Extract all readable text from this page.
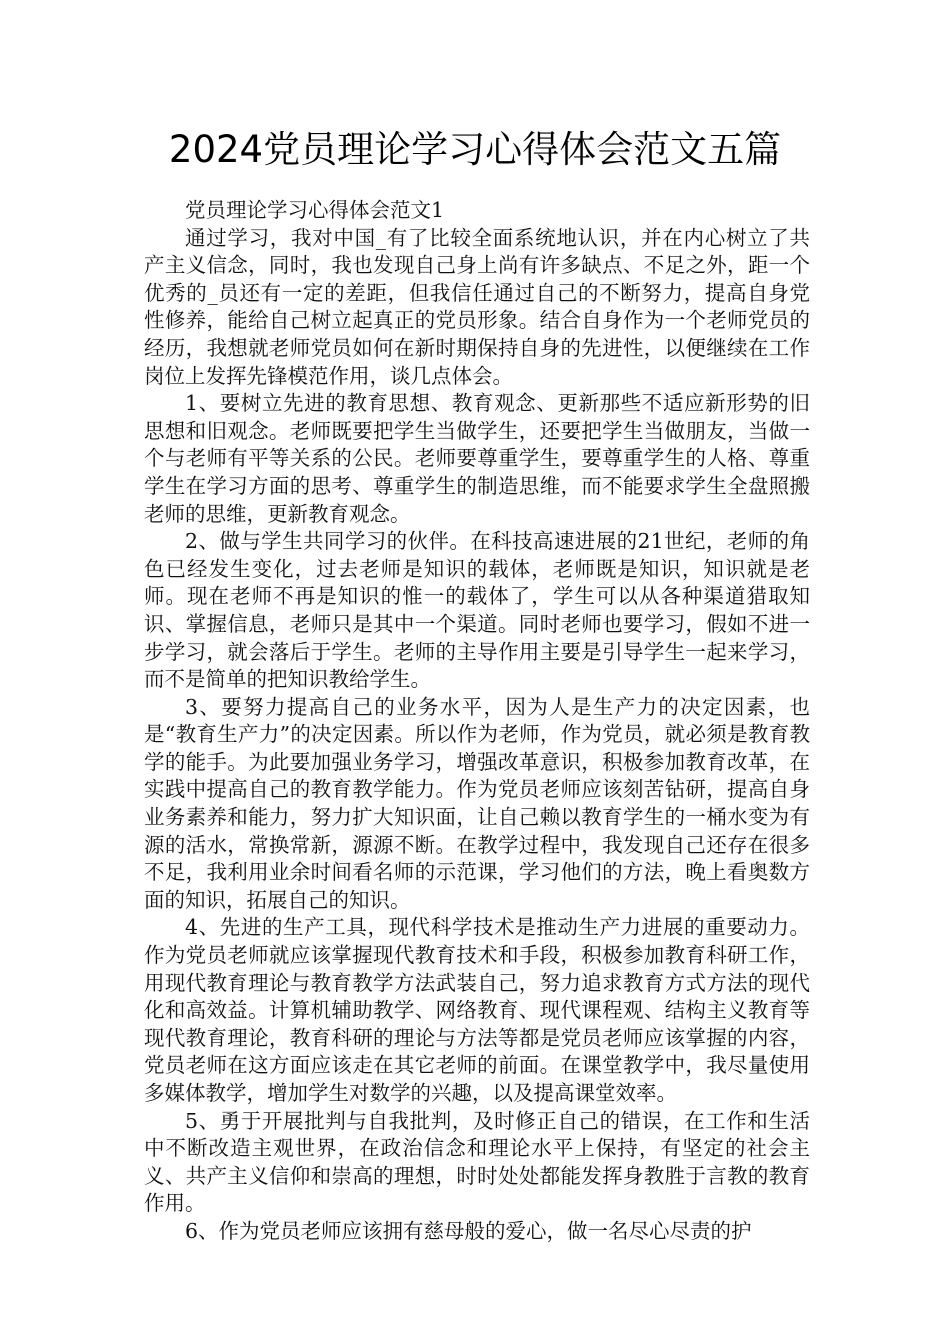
2024党员理论学习心得体会范文五篇

党员理论学习心得体会范文1

通过学习，我对中国_有了比较全面系统地认识，并在内心树立了共产主义信念，同时，我也发现自己身上尚有许多缺点、不足之外，距一个优秀的_员还有一定的差距，但我信任通过自己的不断努力，提高自身党性修养，能给自己树立起真正的党员形象。结合自身作为一个老师党员的经历，我想就老师党员如何在新时期保持自身的先进性，以便继续在工作岗位上发挥先锋模范作用，谈几点体会。

1、要树立先进的教育思想、教育观念、更新那些不适应新形势的旧思想和旧观念。老师既要把学生当做学生，还要把学生当做朋友，当做一个与老师有平等关系的公民。老师要尊重学生，要尊重学生的人格、尊重学生在学习方面的思考、尊重学生的制造思维，而不能要求学生全盘照搬老师的思维，更新教育观念。

2、做与学生共同学习的伙伴。在科技高速进展的21世纪，老师的角色已经发生变化，过去老师是知识的载体，老师既是知识，知识就是老师。现在老师不再是知识的惟一的载体了，学生可以从各种渠道猎取知识、掌握信息，老师只是其中一个渠道。同时老师也要学习，假如不进一步学习，就会落后于学生。老师的主导作用主要是引导学生一起来学习，而不是简单的把知识教给学生。

3、要努力提高自己的业务水平，因为人是生产力的决定因素，也是“教育生产力”的决定因素。所以作为老师，作为党员，就必须是教育教学的能手。为此要加强业务学习，增强改革意识，积极参加教育改革，在实践中提高自己的教育教学能力。作为党员老师应该刻苦钻研，提高自身业务素养和能力，努力扩大知识面，让自己赖以教育学生的一桶水变为有源的活水，常换常新，源源不断。在教学过程中，我发现自己还存在很多不足，我利用业余时间看名师的示范课，学习他们的方法，晚上看奥数方面的知识，拓展自己的知识。

4、先进的生产工具，现代科学技术是推动生产力进展的重要动力。作为党员老师就应该掌握现代教育技术和手段，积极参加教育科研工作，用现代教育理论与教育教学方法武装自己，努力追求教育方式方法的现代化和高效益。计算机辅助教学、网络教育、现代课程观、结构主义教育等现代教育理论，教育科研的理论与方法等都是党员老师应该掌握的内容，党员老师在这方面应该走在其它老师的前面。在课堂教学中，我尽量使用多媒体教学，增加学生对数学的兴趣，以及提高课堂效率。

5、勇于开展批判与自我批判，及时修正自己的错误，在工作和生活中不断改造主观世界，在政治信念和理论水平上保持，有坚定的社会主义、共产主义信仰和崇高的理想，时时处处都能发挥身教胜于言教的教育作用。

6、作为党员老师应该拥有慈母般的爱心，做一名尽心尽责的护
